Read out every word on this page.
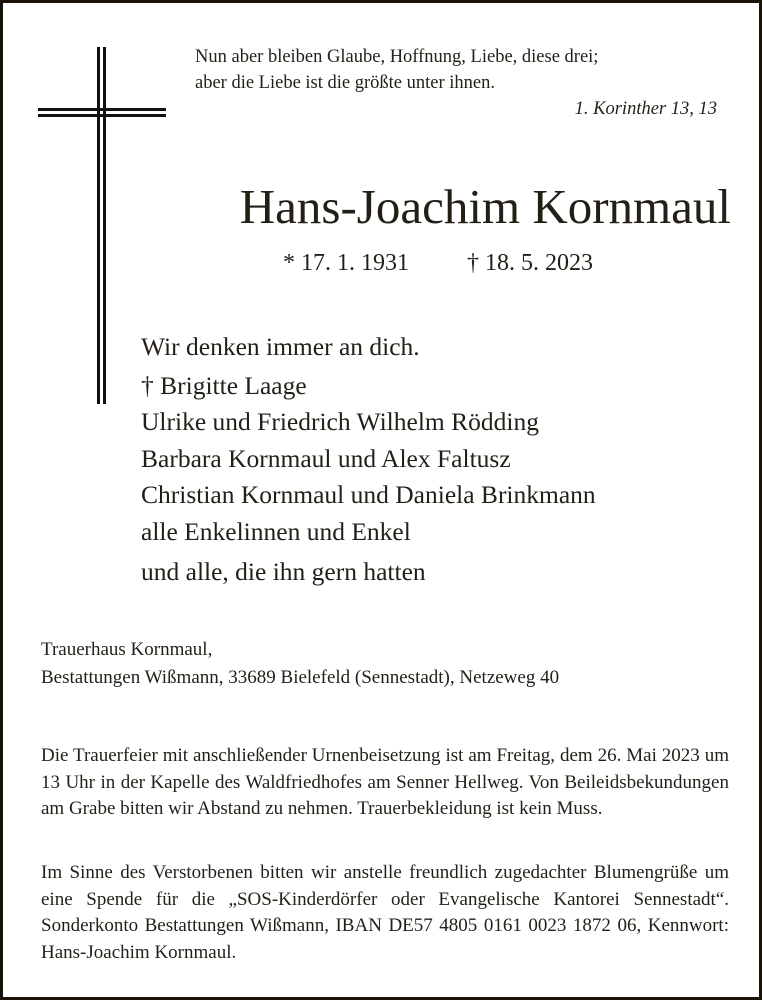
Nun aber bleiben Glaube, Hoffnung, Liebe, diese drei;
aber die Liebe ist die größte unter ihnen.
1. Korinther 13, 13
Hans-Joachim Kornmaul
* 17. 1. 1931 † 18. 5. 2023
Wir denken immer an dich.
† Brigitte Laage
Ulrike und Friedrich Wilhelm Rödding
Barbara Kornmaul und Alex Faltusz
Christian Kornmaul und Daniela Brinkmann
alle Enkelinnen und Enkel
und alle, die ihn gern hatten
Trauerhaus Kornmaul,
Bestattungen Wißmann, 33689 Bielefeld (Sennestadt), Netzeweg 40
Die Trauerfeier mit anschließender Urnenbeisetzung ist am Freitag, dem 26. Mai 2023 um 13 Uhr in der Kapelle des Waldfriedhofes am Senner Hellweg. Von Beileidsbekundungen am Grabe bitten wir Abstand zu nehmen. Trauerbekleidung ist kein Muss.
Im Sinne des Verstorbenen bitten wir anstelle freundlich zugedachter Blumengrüße um eine Spende für die „SOS-Kinderdörfer oder Evangelische Kantorei Sennestadt“. Sonderkonto Bestattungen Wißmann, IBAN DE57 4805 0161 0023 1872 06, Kennwort: Hans-Joachim Kornmaul.
